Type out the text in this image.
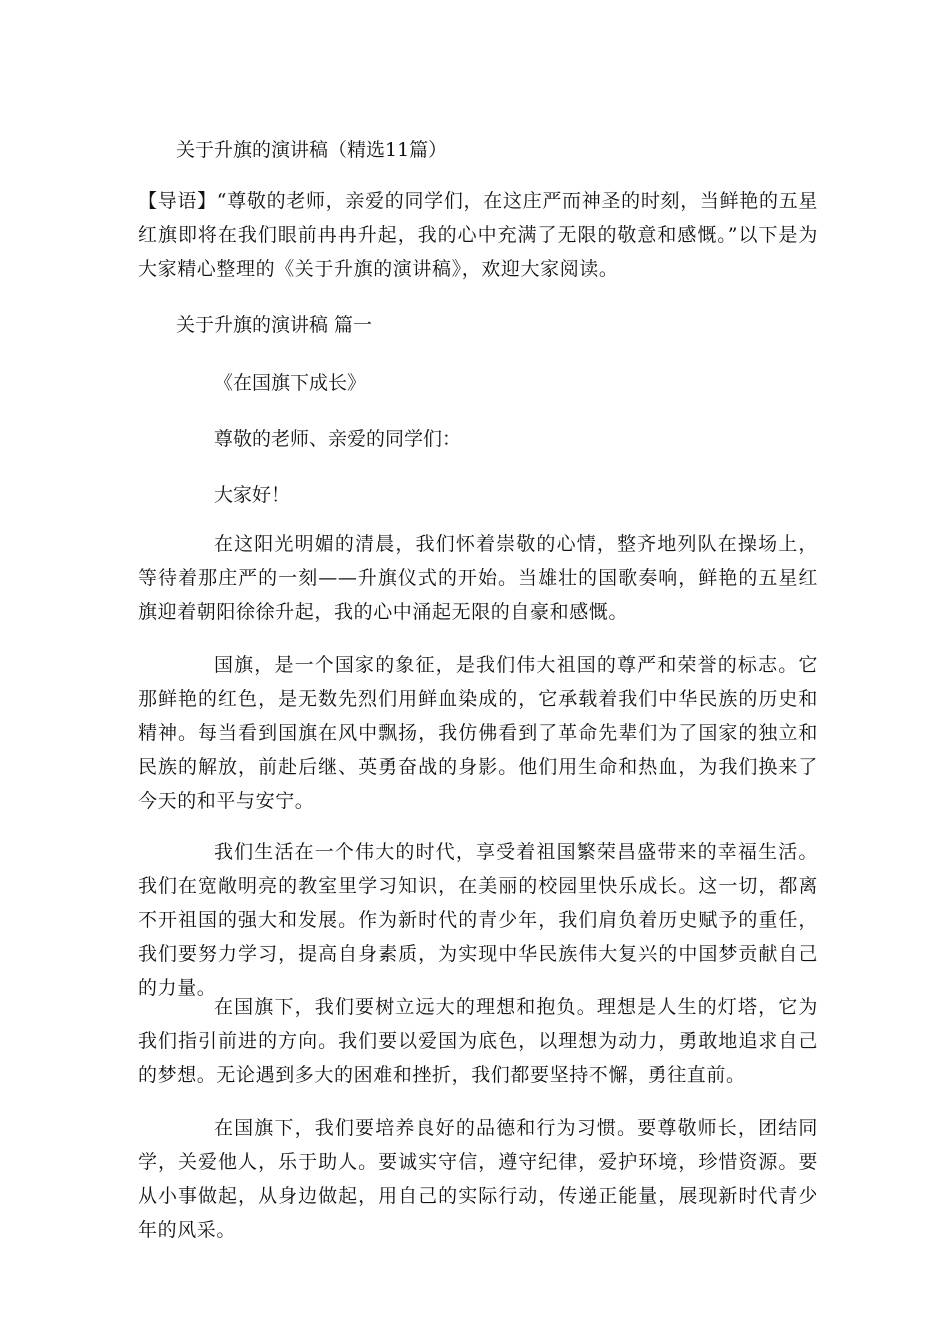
关于升旗的演讲稿（精选11篇）

【导语】“尊敬的老师，亲爱的同学们，在这庄严而神圣的时刻，当鲜艳的五星红旗即将在我们眼前冉冉升起，我的心中充满了无限的敬意和感慨。”以下是为大家精心整理的《关于升旗的演讲稿》，欢迎大家阅读。

关于升旗的演讲稿 篇一
《在国旗下成长》
尊敬的老师、亲爱的同学们：
大家好！

在这阳光明媚的清晨，我们怀着崇敬的心情，整齐地列队在操场上，等待着那庄严的一刻——升旗仪式的开始。当雄壮的国歌奏响，鲜艳的五星红旗迎着朝阳徐徐升起，我的心中涌起无限的自豪和感慨。

国旗，是一个国家的象征，是我们伟大祖国的尊严和荣誉的标志。它那鲜艳的红色，是无数先烈们用鲜血染成的，它承载着我们中华民族的历史和精神。每当看到国旗在风中飘扬，我仿佛看到了革命先辈们为了国家的独立和民族的解放，前赴后继、英勇奋战的身影。他们用生命和热血，为我们换来了今天的和平与安宁。

我们生活在一个伟大的时代，享受着祖国繁荣昌盛带来的幸福生活。我们在宽敞明亮的教室里学习知识，在美丽的校园里快乐成长。这一切，都离不开祖国的强大和发展。作为新时代的青少年，我们肩负着历史赋予的重任，我们要努力学习，提高自身素质，为实现中华民族伟大复兴的中国梦贡献自己的力量。

在国旗下，我们要树立远大的理想和抱负。理想是人生的灯塔，它为我们指引前进的方向。我们要以爱国为底色，以理想为动力，勇敢地追求自己的梦想。无论遇到多大的困难和挫折，我们都要坚持不懈，勇往直前。

在国旗下，我们要培养良好的品德和行为习惯。要尊敬师长，团结同学，关爱他人，乐于助人。要诚实守信，遵守纪律，爱护环境，珍惜资源。要从小事做起，从身边做起，用自己的实际行动，传递正能量，展现新时代青少年的风采。
